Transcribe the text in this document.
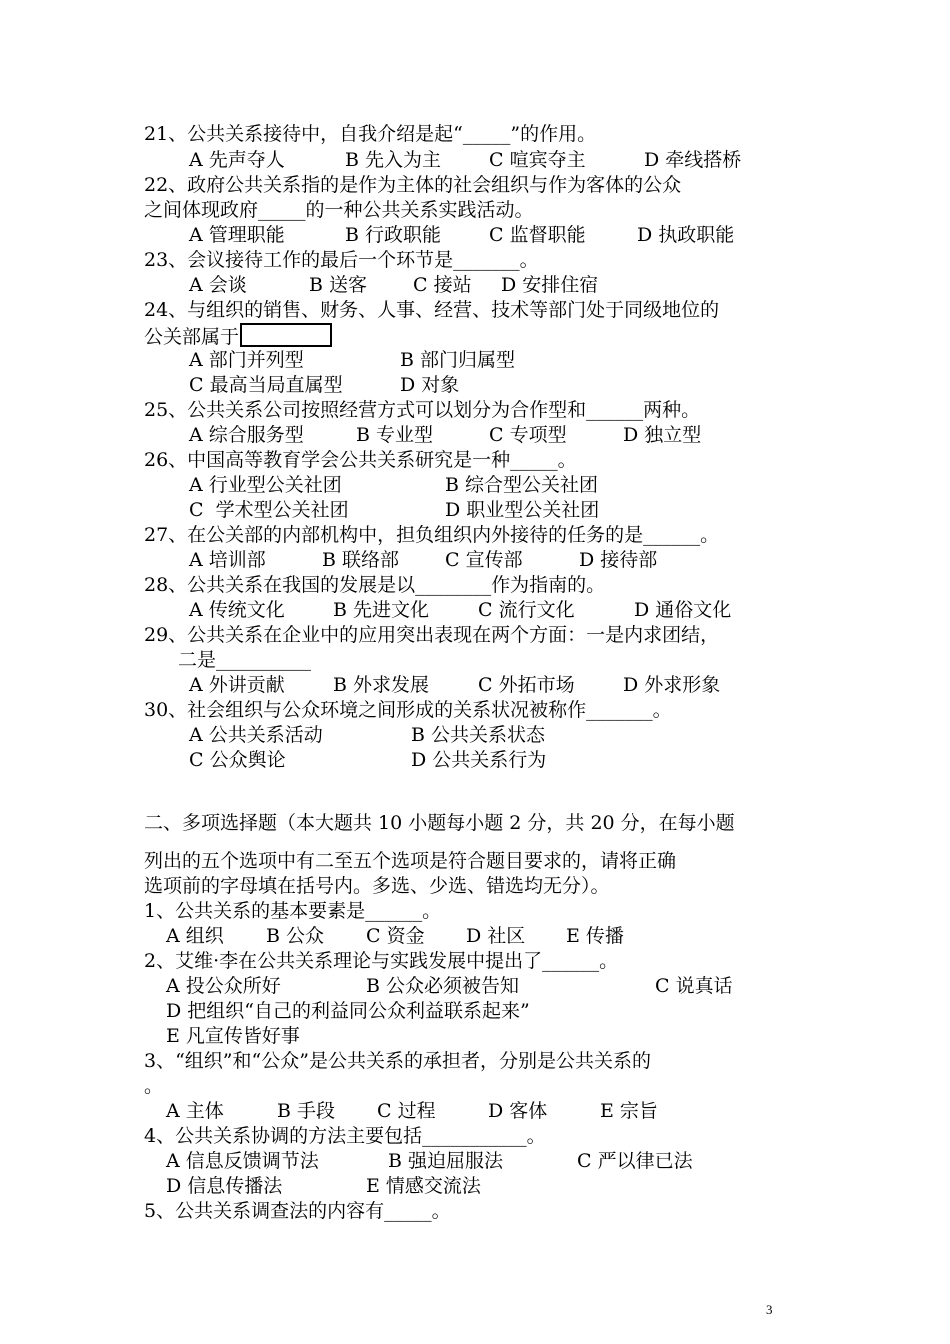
21、公共关系接待中，自我介绍是起“_____”的作用。

A 先声夺人

	B 先入为主

	C 喧宾夺主

	D 牵线搭桥

22、政府公共关系指的是作为主体的社会组织与作为客体的公众
之间体现政府_____的一种公共关系实践活动。

A 管理职能

	B 行政职能

	C 监督职能

	D 执政职能

23、会议接待工作的最后一个环节是_______。

A 会谈

	B 送客

C 接站

D 安排住宿

24、与组织的销售、财务、人事、经营、技术等部门处于同级地位的
公关部属于

A 部门并列型

	B 部门归属型

C 最高当局直属型

	D 对象

25、公共关系公司按照经营方式可以划分为合作型和______两种。

A 综合服务型

	B 专业型

	C 专项型

	D 独立型

26、中国高等教育学会公共关系研究是一种_____。

A 行业型公关社团

	B 综合型公关社团

C  学术型公关社团

	D 职业型公关社团

27、在公关部的内部机构中，担负组织内外接待的任务的是______。

A 培训部

	B 联络部

C 宣传部

	D 接待部

28、公共关系在我国的发展是以________作为指南的。

A 传统文化

	B 先进文化

	C 流行文化

	D 通俗文化

29、公共关系在企业中的应用突出表现在两个方面：一是内求团结，
二是__________

A 外讲贡献

	B 外求发展

	C 外拓市场

	D 外求形象

30、社会组织与公众环境之间形成的关系状况被称作_______。

A 公共关系活动

	B 公共关系状态

C 公众舆论

	D 公共关系行为

二、多项选择题（本大题共 10 小题每小题 2 分，共 20 分，在每小题
列出的五个选项中有二至五个选项是符合题目要求的，请将正确
选项前的字母填在括号内。多选、少选、错选均无分）。
1、公共关系的基本要素是______。

A 组织

B 公众

C 资金

D 社区

E 传播

2、艾维·李在公共关系理论与实践发展中提出了______。

A 投公众所好

	B 公众必须被告知

	C 说真话

D 把组织“自己的利益同公众利益联系起来”

E 凡宣传皆好事

3、“组织”和“公众”是公共关系的承担者，分别是公共关系的
。

A 主体

	B 手段

C 过程

	D 客体

	E 宗旨

4、公共关系协调的方法主要包括___________。

A 信息反馈调节法

	B 强迫屈服法

	C 严以律已法

D 信息传播法

	E 情感交流法

5、公共关系调查法的内容有_____。
3
